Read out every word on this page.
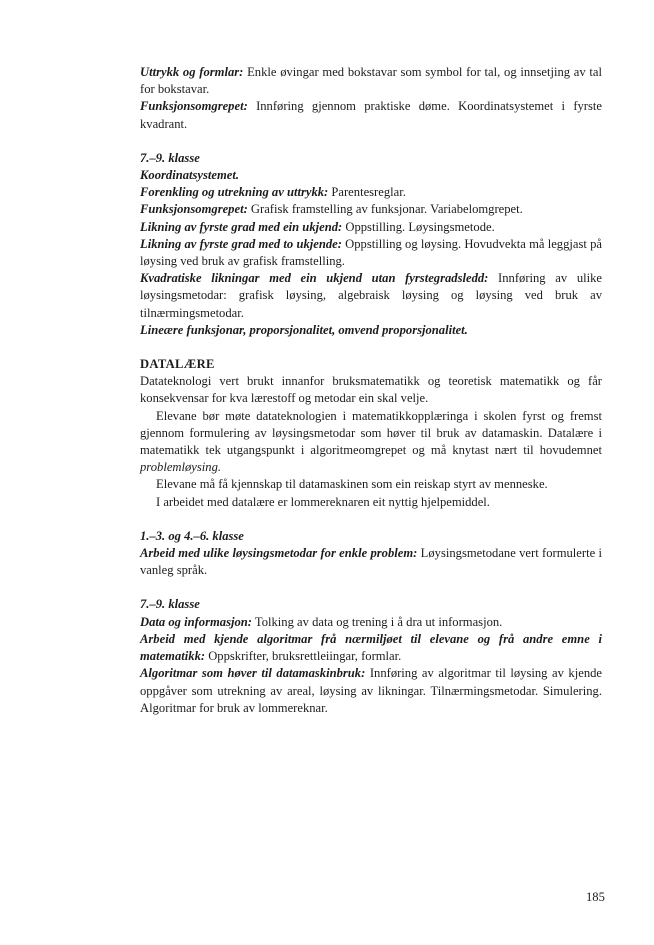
Uttrykk og formlar: Enkle øvingar med bokstavar som symbol for tal, og innsetjing av tal for bokstavar.

Funksjonsomgrepet: Innføring gjennom praktiske døme. Koordinatsystemet i fyrste kvadrant.

7.–9. klasse

Koordinatsystemet.

Forenkling og utrekning av uttrykk: Parentesreglar.

Funksjonsomgrepet: Grafisk framstelling av funksjonar. Variabelomgrepet.

Likning av fyrste grad med ein ukjend: Oppstilling. Løysingsmetode.

Likning av fyrste grad med to ukjende: Oppstilling og løysing. Hovudvekta må leggjast på løysing ved bruk av grafisk framstelling.

Kvadratiske likningar med ein ukjend utan fyrstegradsledd: Innføring av ulike løysingsmetodar: grafisk løysing, algebraisk løysing og løysing ved bruk av tilnærmingsmetodar.

Lineære funksjonar, proporsjonalitet, omvend proporsjonalitet.

DATALÆRE

Datateknologi vert brukt innanfor bruksmatematikk og teoretisk matematikk og får konsekvensar for kva lærestoff og metodar ein skal velje.

Elevane bør møte datateknologien i matematikkopplæringa i skolen fyrst og fremst gjennom formulering av løysingsmetodar som høver til bruk av datamaskin. Datalære i matematikk tek utgangspunkt i algoritmeomgrepet og må knytast nært til hovudemnet problemløysing.

Elevane må få kjennskap til datamaskinen som ein reiskap styrt av menneske.

I arbeidet med datalære er lommereknaren eit nyttig hjelpemiddel.

1.–3. og 4.–6. klasse

Arbeid med ulike løysingsmetodar for enkle problem: Løysingsmetodane vert formulerte i vanleg språk.

7.–9. klasse

Data og informasjon: Tolking av data og trening i å dra ut informasjon.

Arbeid med kjende algoritmar frå nærmiljøet til elevane og frå andre emne i matematikk: Oppskrifter, bruksrettleiingar, formlar.

Algoritmar som høver til datamaskinbruk: Innføring av algoritmar til løysing av kjende oppgåver som utrekning av areal, løysing av likningar. Tilnærmingsmetodar. Simulering. Algoritmar for bruk av lommereknar.

185
